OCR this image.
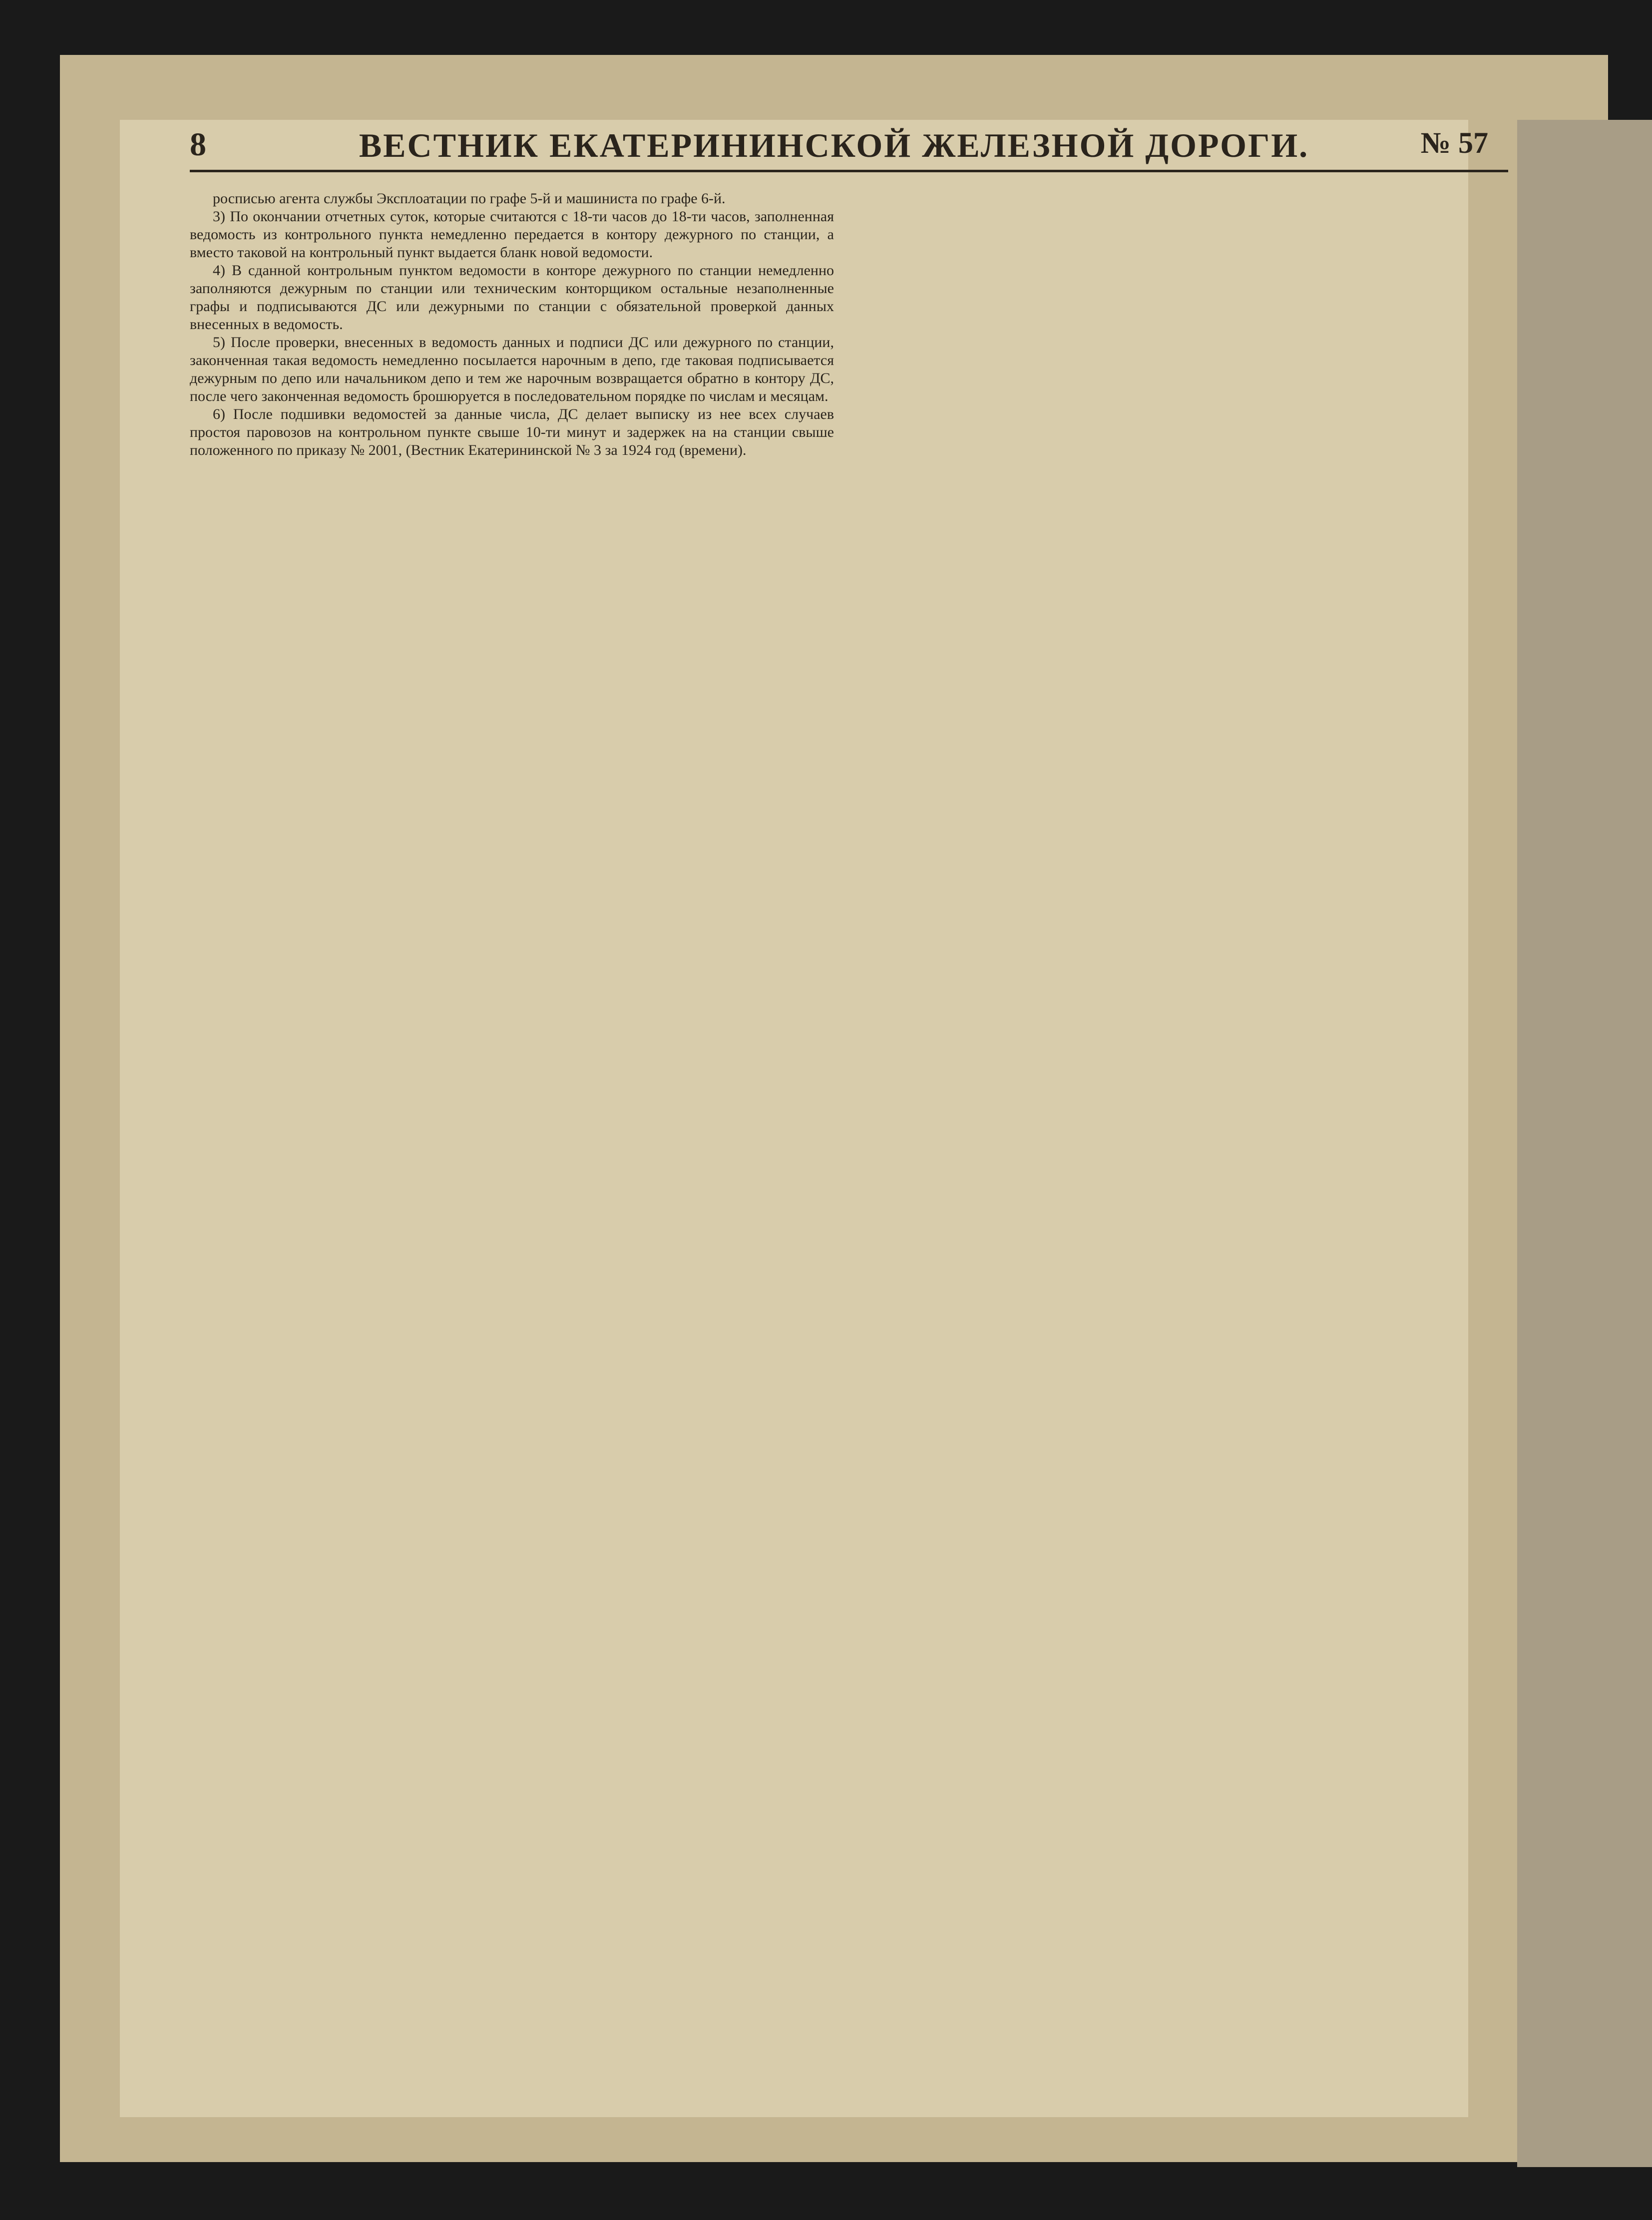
8	ВЕСТНИК ЕКАТЕРИНИНСКОЙ ЖЕЛЕЗНОЙ ДОРОГИ.	№ 57

росписью агента службы Эксплоатации по графе 5-й и машиниста по графе 6-й.

3) По окончании отчетных суток, которые считаются с 18-ти часов до 18-ти часов, заполненная ведомость из контрольного пункта немедленно передается в контору дежурного по станции, а вместо таковой на контрольный пункт выдается бланк новой ведомости.

4) В сданной контрольным пунктом ведомости в конторе дежурного по станции немедленно заполняются дежурным по станции или техническим конторщиком остальные незаполненные графы и подписываются ДС или дежурными по станции с обязательной проверкой данных внесенных в ведомость.

5) После проверки, внесенных в ведомость данных и подписи ДС или дежурного по станции, законченная такая ведомость немедленно посылается нарочным в депо, где таковая подписывается дежурным по депо или начальником депо и тем же нарочным возвращается обратно в контору ДС, после чего законченная ведомость брошюруется в последовательном порядке по числам и месяцам.

6) После подшивки ведомостей за данные числа, ДС делает выписку из нее всех случаев простоя паровозов на контрольном пункте свыше 10-ти минут и задержек на на станции свыше положенного по приказу № 2001, (Вестник Екатерининской № 3 за 1924 год (времени).
